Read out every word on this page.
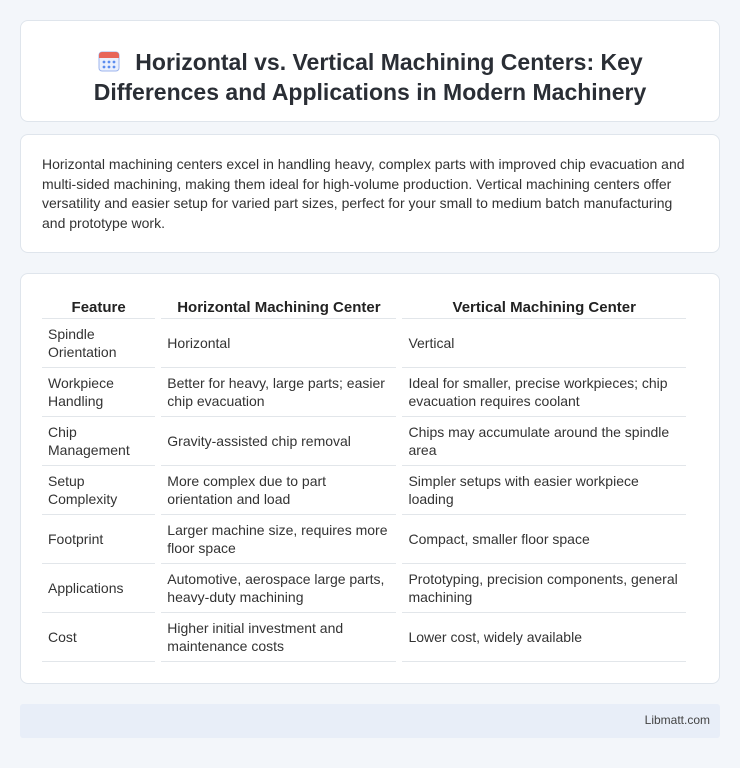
Horizontal vs. Vertical Machining Centers: Key Differences and Applications in Modern Machinery

Horizontal machining centers excel in handling heavy, complex parts with improved chip evacuation and multi-sided machining, making them ideal for high-volume production. Vertical machining centers offer versatility and easier setup for varied part sizes, perfect for your small to medium batch manufacturing and prototype work.

Feature	Horizontal Machining Center	Vertical Machining Center
Spindle Orientation	Horizontal	Vertical
Workpiece Handling	Better for heavy, large parts; easier chip evacuation	Ideal for smaller, precise workpieces; chip evacuation requires coolant
Chip Management	Gravity-assisted chip removal	Chips may accumulate around the spindle area
Setup Complexity	More complex due to part orientation and load	Simpler setups with easier workpiece loading
Footprint	Larger machine size, requires more floor space	Compact, smaller floor space
Applications	Automotive, aerospace large parts, heavy-duty machining	Prototyping, precision components, general machining
Cost	Higher initial investment and maintenance costs	Lower cost, widely available
Libmatt.com
